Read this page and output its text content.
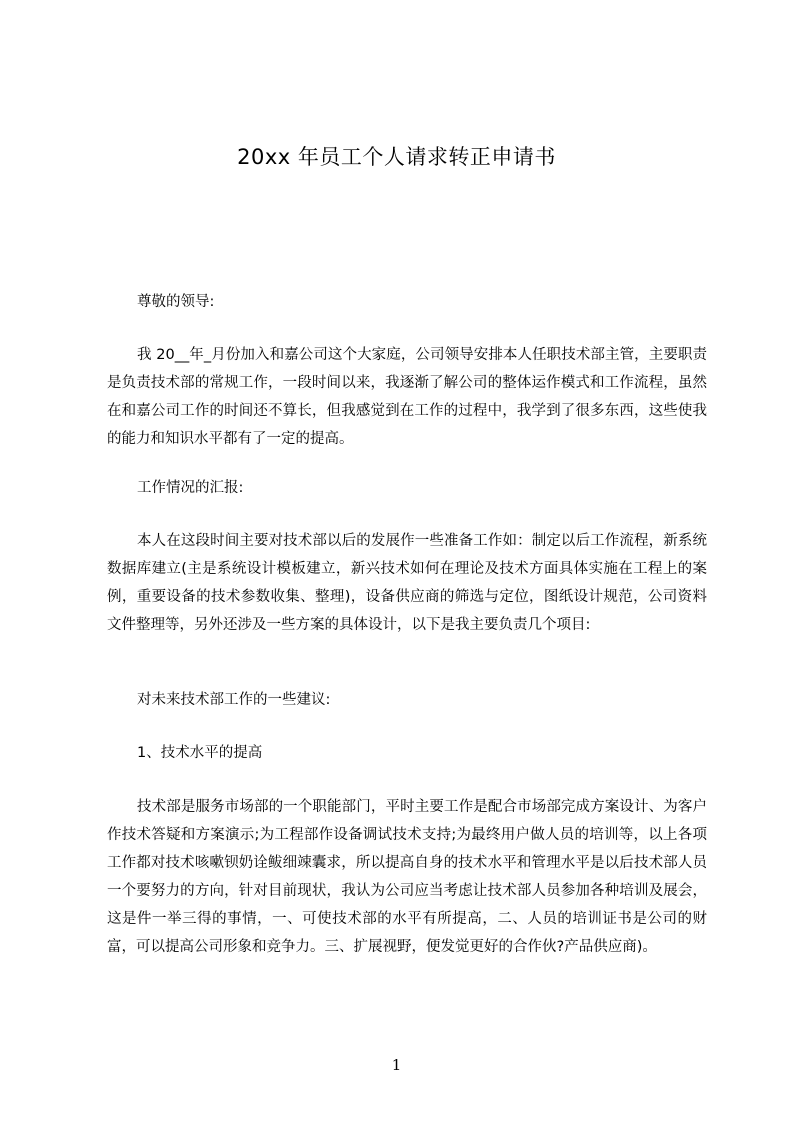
20xx 年员工个人请求转正申请书

尊敬的领导:

我 20__年_月份加入和嘉公司这个大家庭，公司领导安排本人任职技术部主管，主要职责是负责技术部的常规工作，一段时间以来，我逐渐了解公司的整体运作模式和工作流程，虽然在和嘉公司工作的时间还不算长，但我感觉到在工作的过程中，我学到了很多东西，这些使我的能力和知识水平都有了一定的提高。

工作情况的汇报:

本人在这段时间主要对技术部以后的发展作一些准备工作如：制定以后工作流程，新系统数据库建立(主是系统设计模板建立，新兴技术如何在理论及技术方面具体实施在工程上的案例，重要设备的技术参数收集、整理)，设备供应商的筛选与定位，图纸设计规范，公司资料文件整理等，另外还涉及一些方案的具体设计，以下是我主要负责几个项目:

对未来技术部工作的一些建议:

1、技术水平的提高

技术部是服务市场部的一个职能部门，平时主要工作是配合市场部完成方案设计、为客户作技术答疑和方案演示;为工程部作设备调试技术支持;为最终用户做人员的培训等，以上各项工作都对技术咳嗽钡奶诠鲅细竦囊求，所以提高自身的技术水平和管理水平是以后技术部人员一个要努力的方向，针对目前现状，我认为公司应当考虑让技术部人员参加各种培训及展会，这是件一举三得的事情，一、可使技术部的水平有所提高，二、人员的培训证书是公司的财富，可以提高公司形象和竞争力。三、扩展视野，便发觉更好的合作伙?产品供应商)。

1
